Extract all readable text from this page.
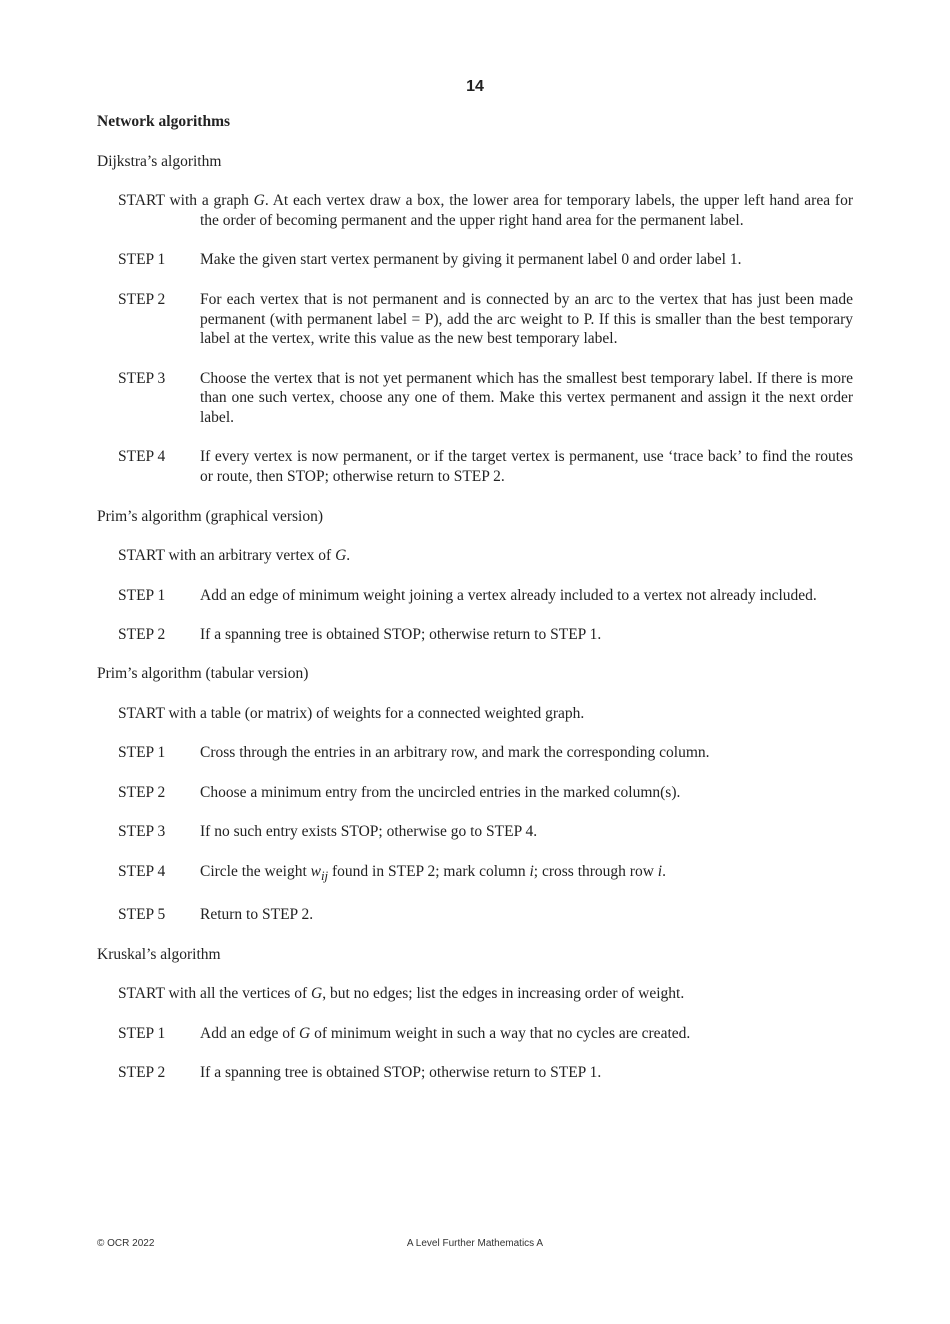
14

Network algorithms

Dijkstra’s algorithm

START with a graph G. At each vertex draw a box, the lower area for temporary labels, the upper left hand area for the order of becoming permanent and the upper right hand area for the permanent label.
STEP 1	Make the given start vertex permanent by giving it permanent label 0 and order label 1.
STEP 2	For each vertex that is not permanent and is connected by an arc to the vertex that has just been made permanent (with permanent label = P), add the arc weight to P. If this is smaller than the best temporary label at the vertex, write this value as the new best temporary label.
STEP 3	Choose the vertex that is not yet permanent which has the smallest best temporary label. If there is more than one such vertex, choose any one of them. Make this vertex permanent and assign it the next order label.
STEP 4	If every vertex is now permanent, or if the target vertex is permanent, use ‘trace back’ to find the routes or route, then STOP; otherwise return to STEP 2.

Prim’s algorithm (graphical version)

START with an arbitrary vertex of G.
STEP 1	Add an edge of minimum weight joining a vertex already included to a vertex not already included.
STEP 2	If a spanning tree is obtained STOP; otherwise return to STEP 1.

Prim’s algorithm (tabular version)

START with a table (or matrix) of weights for a connected weighted graph.
STEP 1	Cross through the entries in an arbitrary row, and mark the corresponding column.
STEP 2	Choose a minimum entry from the uncircled entries in the marked column(s).
STEP 3	If no such entry exists STOP; otherwise go to STEP 4.
STEP 4	Circle the weight $w_{ij}$ found in STEP 2; mark column i; cross through row i.
STEP 5	Return to STEP 2.

Kruskal’s algorithm

START with all the vertices of G, but no edges; list the edges in increasing order of weight.
STEP 1	Add an edge of G of minimum weight in such a way that no cycles are created.
STEP 2	If a spanning tree is obtained STOP; otherwise return to STEP 1.
© OCR 2022	A Level Further Mathematics A
